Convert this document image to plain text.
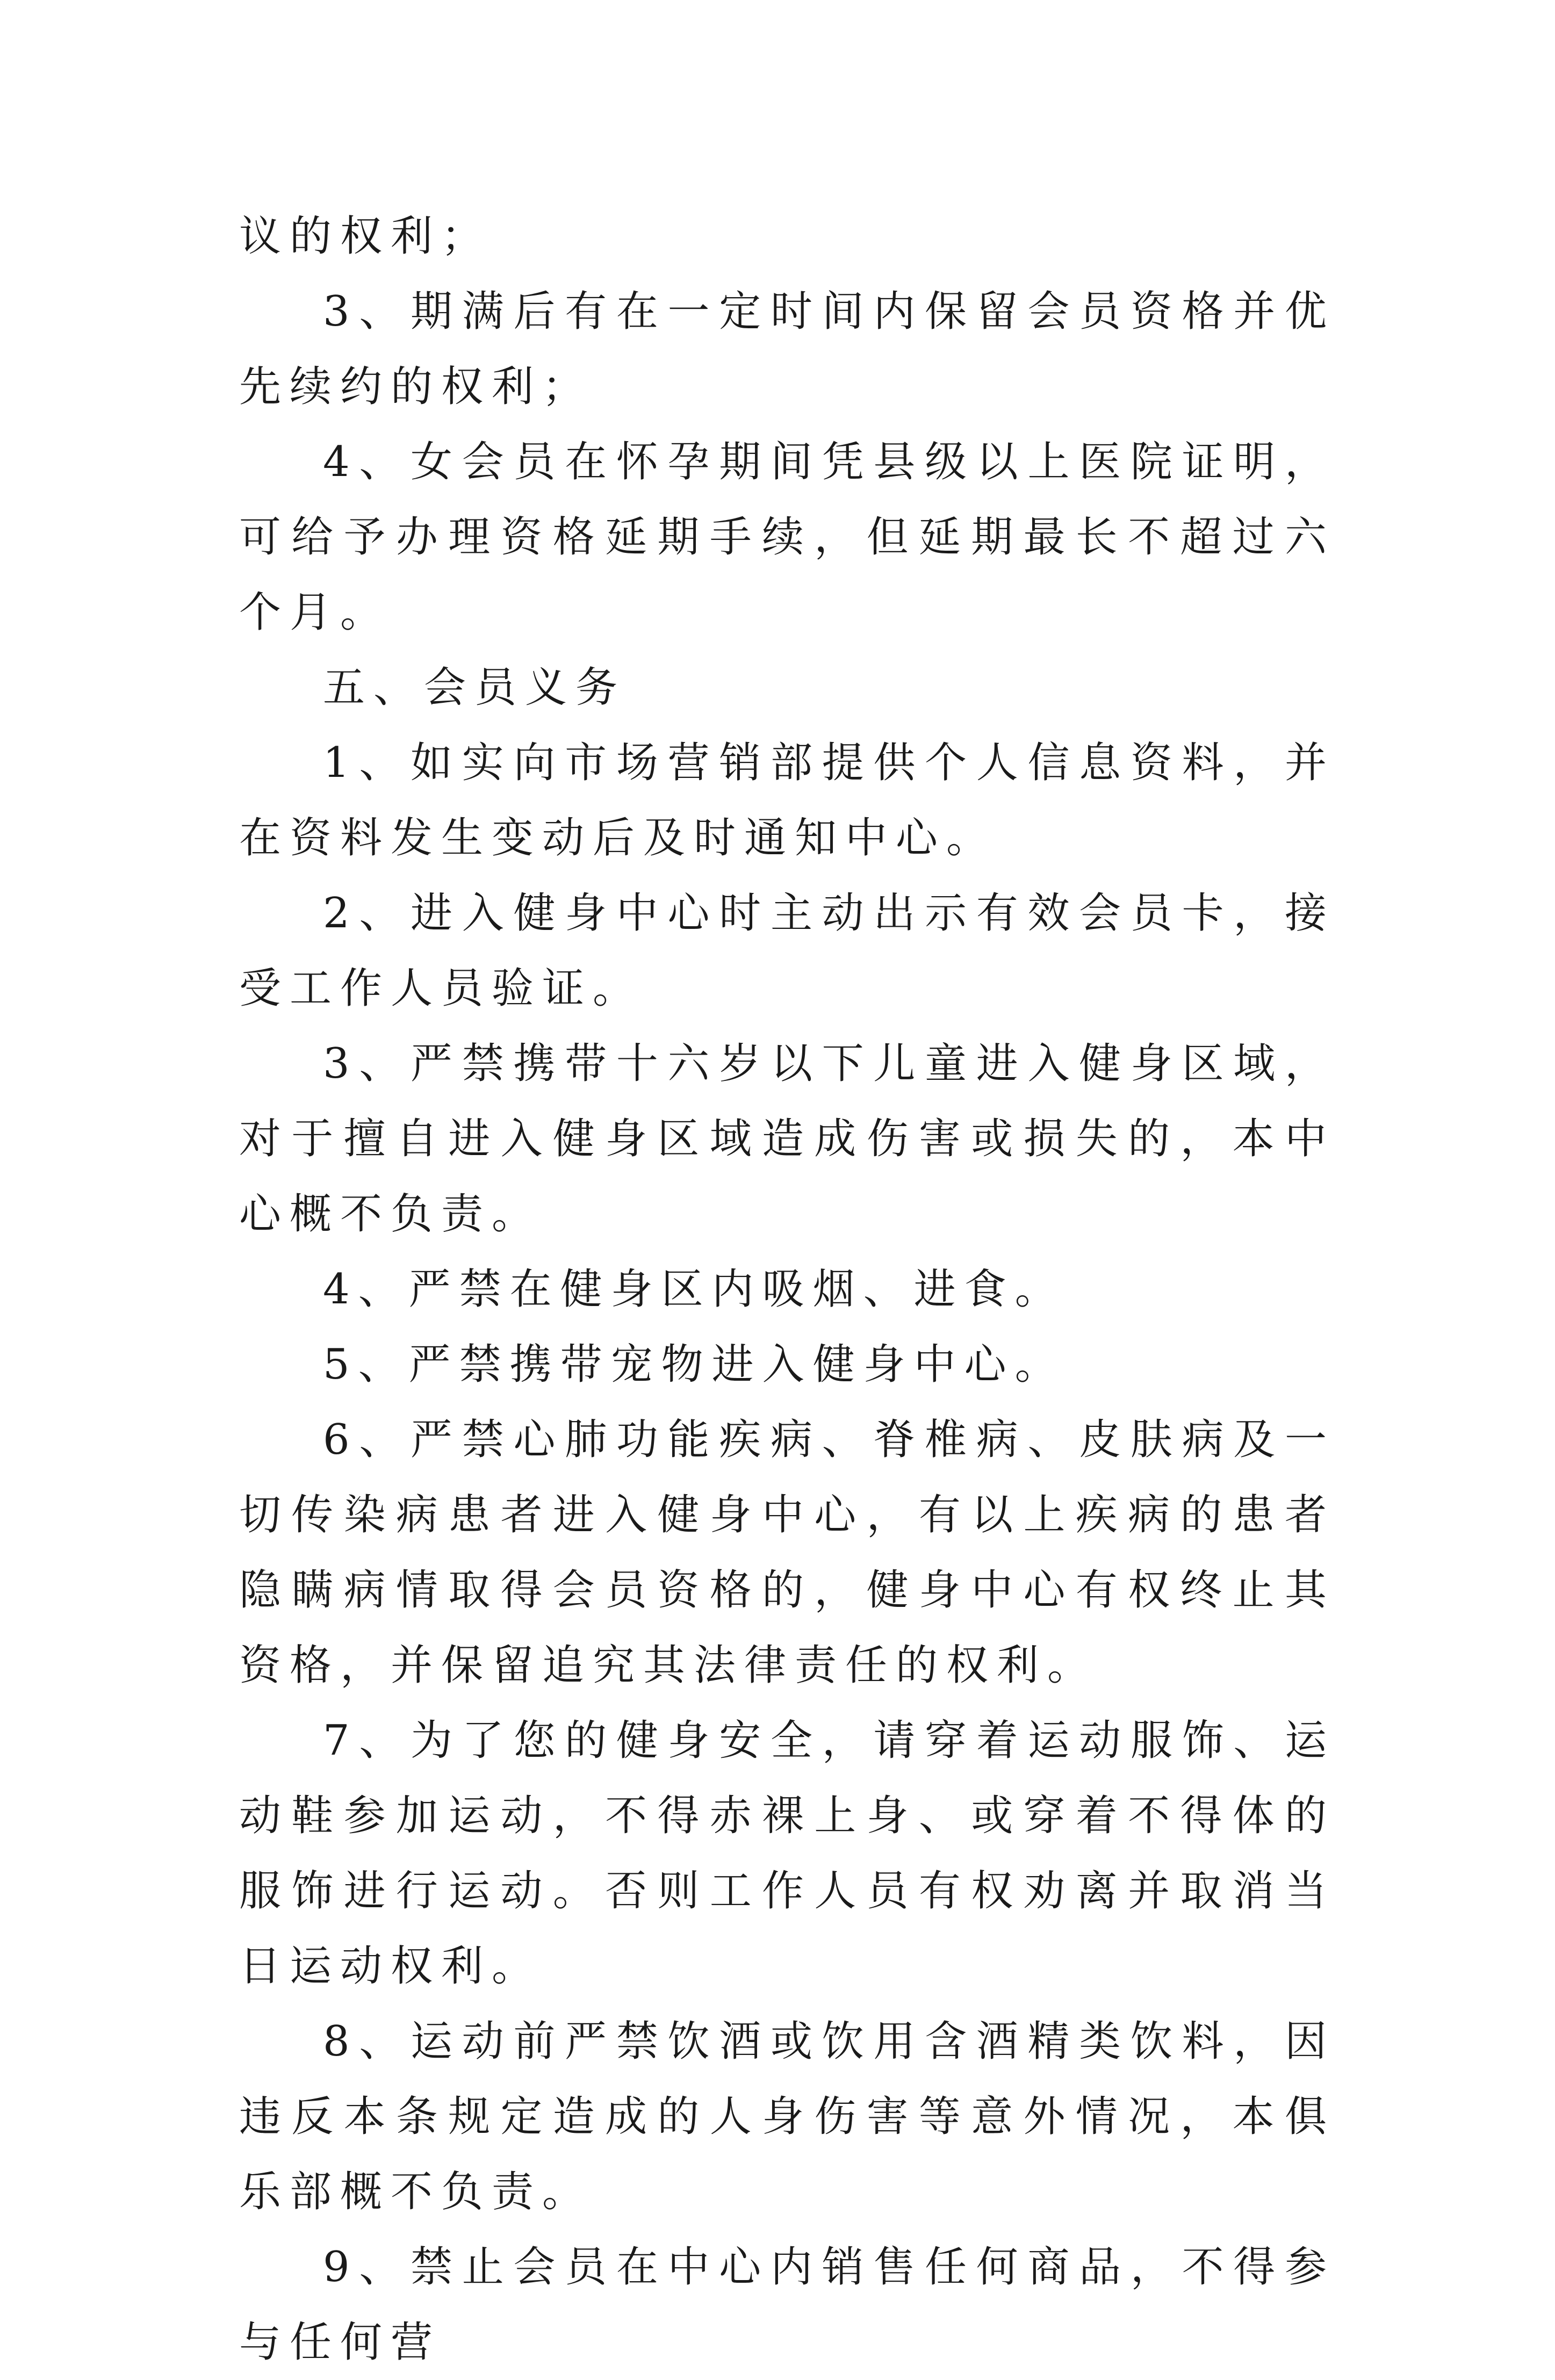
议的权利；

3、期满后有在一定时间内保留会员资格并优先续约的权利；

4、女会员在怀孕期间凭县级以上医院证明，可给予办理资格延期手续，但延期最长不超过六个月。

五、会员义务

1、如实向市场营销部提供个人信息资料，并在资料发生变动后及时通知中心。

2、进入健身中心时主动出示有效会员卡，接受工作人员验证。

3、严禁携带十六岁以下儿童进入健身区域，对于擅自进入健身区域造成伤害或损失的，本中心概不负责。

4、严禁在健身区内吸烟、进食。

5、严禁携带宠物进入健身中心。

6、严禁心肺功能疾病、脊椎病、皮肤病及一切传染病患者进入健身中心，有以上疾病的患者隐瞒病情取得会员资格的，健身中心有权终止其资格，并保留追究其法律责任的权利。

7、为了您的健身安全，请穿着运动服饰、运动鞋参加运动，不得赤裸上身、或穿着不得体的服饰进行运动。否则工作人员有权劝离并取消当日运动权利。

8、运动前严禁饮酒或饮用含酒精类饮料，因违反本条规定造成的人身伤害等意外情况，本俱乐部概不负责。

9、禁止会员在中心内销售任何商品，不得参与任何营
